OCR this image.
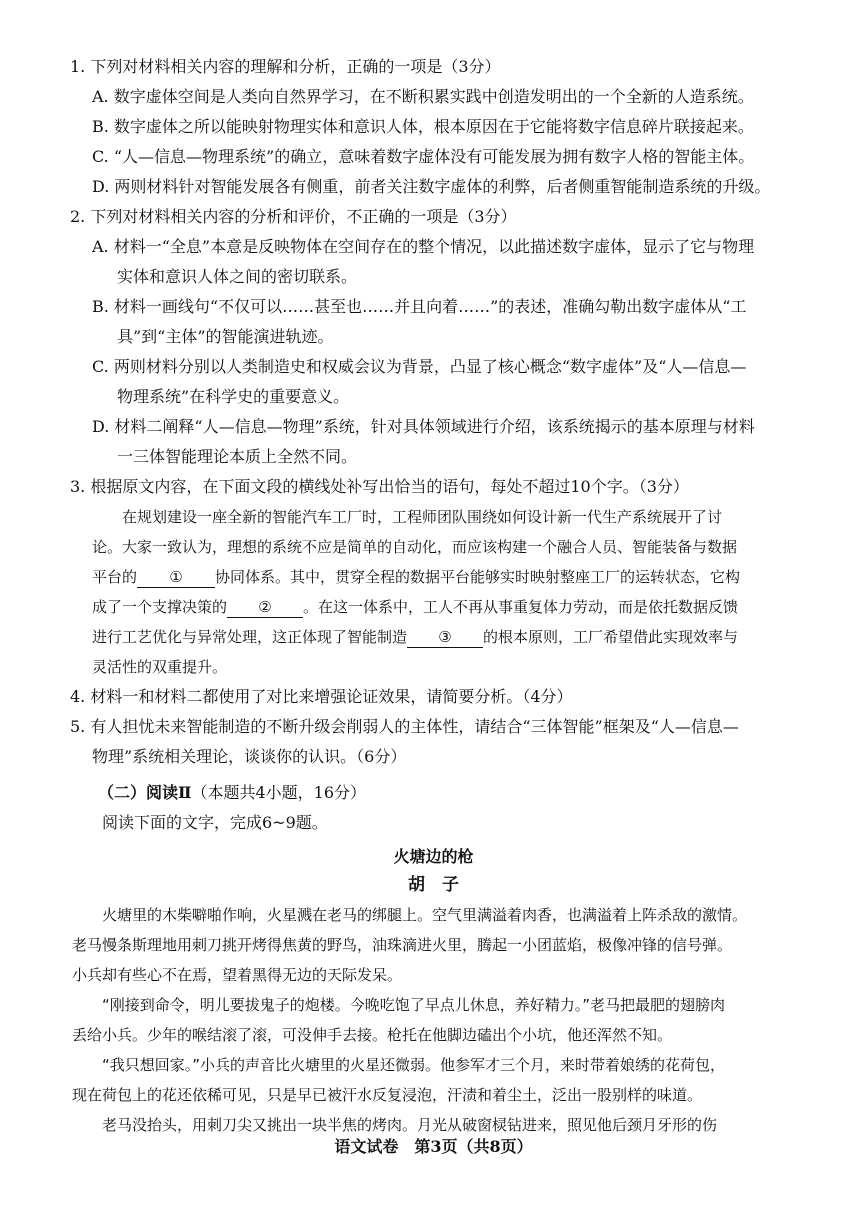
1. 下列对材料相关内容的理解和分析，正确的一项是（3分）
A. 数字虚体空间是人类向自然界学习，在不断积累实践中创造发明出的一个全新的人造系统。
B. 数字虚体之所以能映射物理实体和意识人体，根本原因在于它能将数字信息碎片联接起来。
C. “人—信息—物理系统”的确立，意味着数字虚体没有可能发展为拥有数字人格的智能主体。
D. 两则材料针对智能发展各有侧重，前者关注数字虚体的利弊，后者侧重智能制造系统的升级。
2. 下列对材料相关内容的分析和评价，不正确的一项是（3分）
A. 材料一“全息”本意是反映物体在空间存在的整个情况，以此描述数字虚体，显示了它与物理
实体和意识人体之间的密切联系。
B. 材料一画线句“不仅可以……甚至也……并且向着……”的表述，准确勾勒出数字虚体从“工
具”到“主体”的智能演进轨迹。
C. 两则材料分别以人类制造史和权威会议为背景，凸显了核心概念“数字虚体”及“人—信息—
物理系统”在科学史的重要意义。
D. 材料二阐释“人—信息—物理”系统，针对具体领域进行介绍，该系统揭示的基本原理与材料
一三体智能理论本质上全然不同。
3. 根据原文内容，在下面文段的横线处补写出恰当的语句，每处不超过10个字。（3分）
在规划建设一座全新的智能汽车工厂时，工程师团队围绕如何设计新一代生产系统展开了讨
论。大家一致认为，理想的系统不应是简单的自动化，而应该构建一个融合人员、智能装备与数据
平台的 ① 协同体系。其中，贯穿全程的数据平台能够实时映射整座工厂的运转状态，它构
成了一个支撑决策的 ② 。在这一体系中，工人不再从事重复体力劳动，而是依托数据反馈
进行工艺优化与异常处理，这正体现了智能制造 ③ 的根本原则，工厂希望借此实现效率与
灵活性的双重提升。
4. 材料一和材料二都使用了对比来增强论证效果，请简要分析。（4分）
5. 有人担忧未来智能制造的不断升级会削弱人的主体性，请结合“三体智能”框架及“人—信息—
物理”系统相关理论，谈谈你的认识。（6分）
（二）阅读Ⅱ（本题共4小题，16分）
阅读下面的文字，完成6~9题。
火塘边的枪
胡　子
火塘里的木柴噼啪作响，火星溅在老马的绑腿上。空气里满溢着肉香，也满溢着上阵杀敌的激情。
老马慢条斯理地用刺刀挑开烤得焦黄的野鸟，油珠滴进火里，腾起一小团蓝焰，极像冲锋的信号弹。
小兵却有些心不在焉，望着黑得无边的天际发呆。
“刚接到命令，明儿要拔鬼子的炮楼。今晚吃饱了早点儿休息，养好精力。”老马把最肥的翅膀肉
丢给小兵。少年的喉结滚了滚，可没伸手去接。枪托在他脚边磕出个小坑，他还浑然不知。
“我只想回家。”小兵的声音比火塘里的火星还微弱。他参军才三个月，来时带着娘绣的花荷包，
现在荷包上的花还依稀可见，只是早已被汗水反复浸泡，汗渍和着尘土，泛出一股别样的味道。
老马没抬头，用刺刀尖又挑出一块半焦的烤肉。月光从破窗棂钻进来，照见他后颈月牙形的伤
语文试卷　第3页（共8页）
